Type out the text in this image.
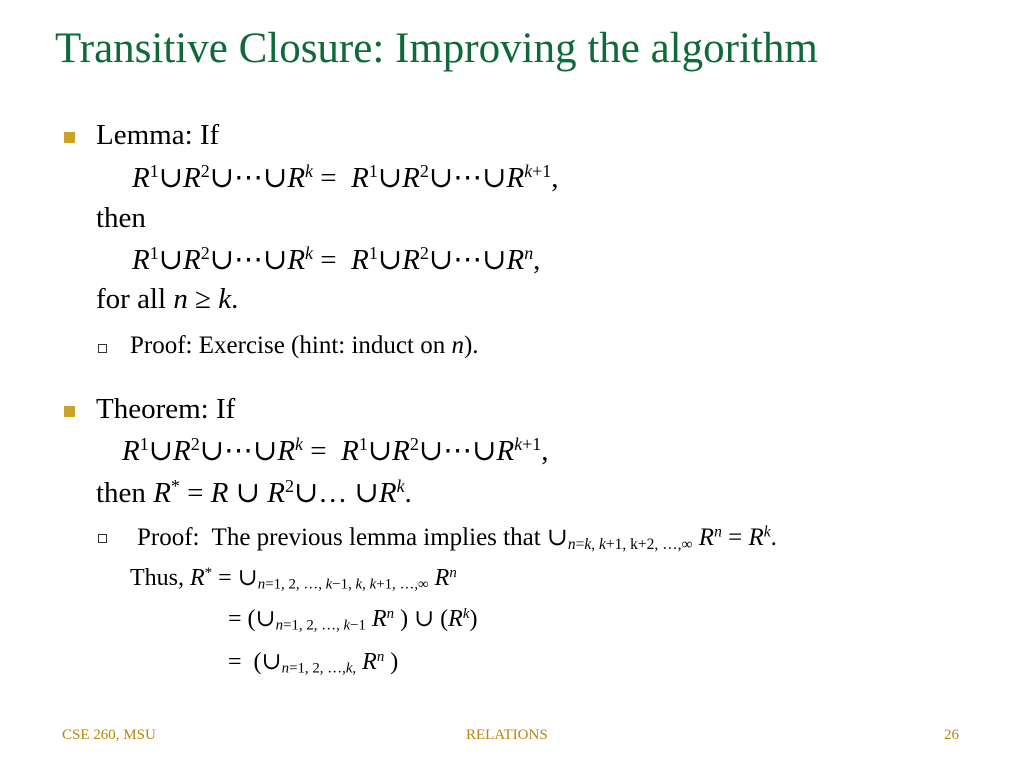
Transitive Closure: Improving the algorithm
Lemma: If
$R^1\cup R^2\cup\cdots\cup R^k$ =  $R^1\cup R^2\cup\cdots\cup R^{k+1}$,
then
$R^1\cup R^2\cup\cdots\cup R^k$ =  $R^1\cup R^2\cup\cdots\cup R^n$,
for all n ≥ k.
Proof: Exercise (hint: induct on n).
Theorem: If
$R^1\cup R^2\cup\cdots\cup R^k$ =  $R^1\cup R^2\cup\cdots\cup R^{k+1}$,
then R* = R ∪ $R^2\cup\dots$ $\cup R^k$.
Proof:  The previous lemma implies that $\cup_{n=k, k+1, k+2, \dots,\infty}$ $R^n = R^k$.
Thus, $R^* = \cup_{n=1, 2, \dots, k-1, k, k+1, \dots,\infty}$ $R^n$
= ($\cup_{n=1, 2, \dots, k-1}$ $R^n$ ) ∪ $(R^k)$
=  ($\cup_{n=1, 2, \dots,k,}$ $R^n$ )
CSE 260, MSU	RELATIONS	26
